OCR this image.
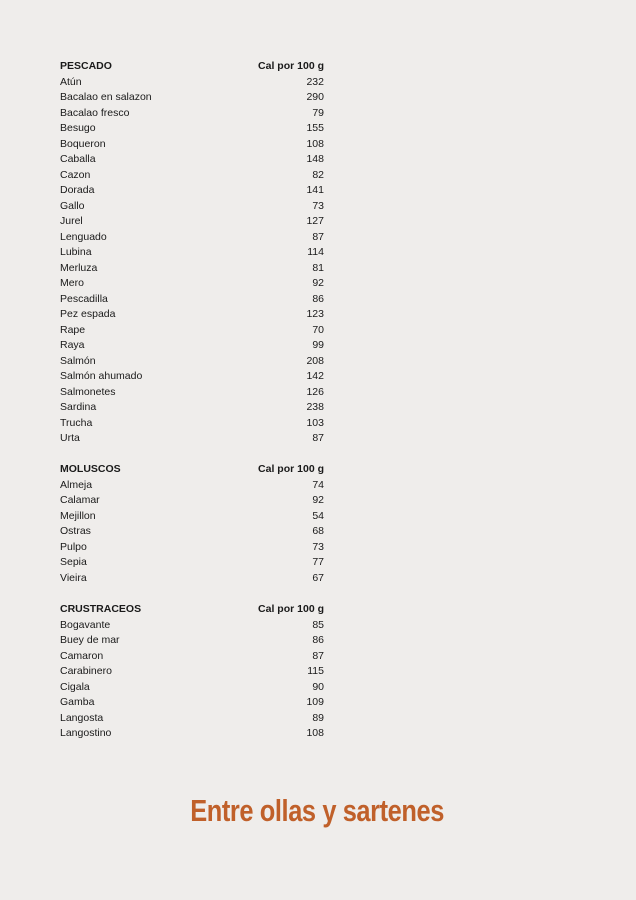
PESCADO	Cal por 100 g
Atún	232
Bacalao en salazon	290
Bacalao fresco	79
Besugo	155
Boqueron	108
Caballa	148
Cazon	82
Dorada	141
Gallo	73
Jurel	127
Lenguado	87
Lubina	114
Merluza	81
Mero	92
Pescadilla	86
Pez espada	123
Rape	70
Raya	99
Salmón	208
Salmón ahumado	142
Salmonetes	126
Sardina	238
Trucha	103
Urta	87
MOLUSCOS	Cal por 100 g
Almeja	74
Calamar	92
Mejillon	54
Ostras	68
Pulpo	73
Sepia	77
Vieira	67
CRUSTRACEOS	Cal por 100 g
Bogavante	85
Buey de mar	86
Camaron	87
Carabinero	115
Cigala	90
Gamba	109
Langosta	89
Langostino	108
Entre ollas y sartenes
